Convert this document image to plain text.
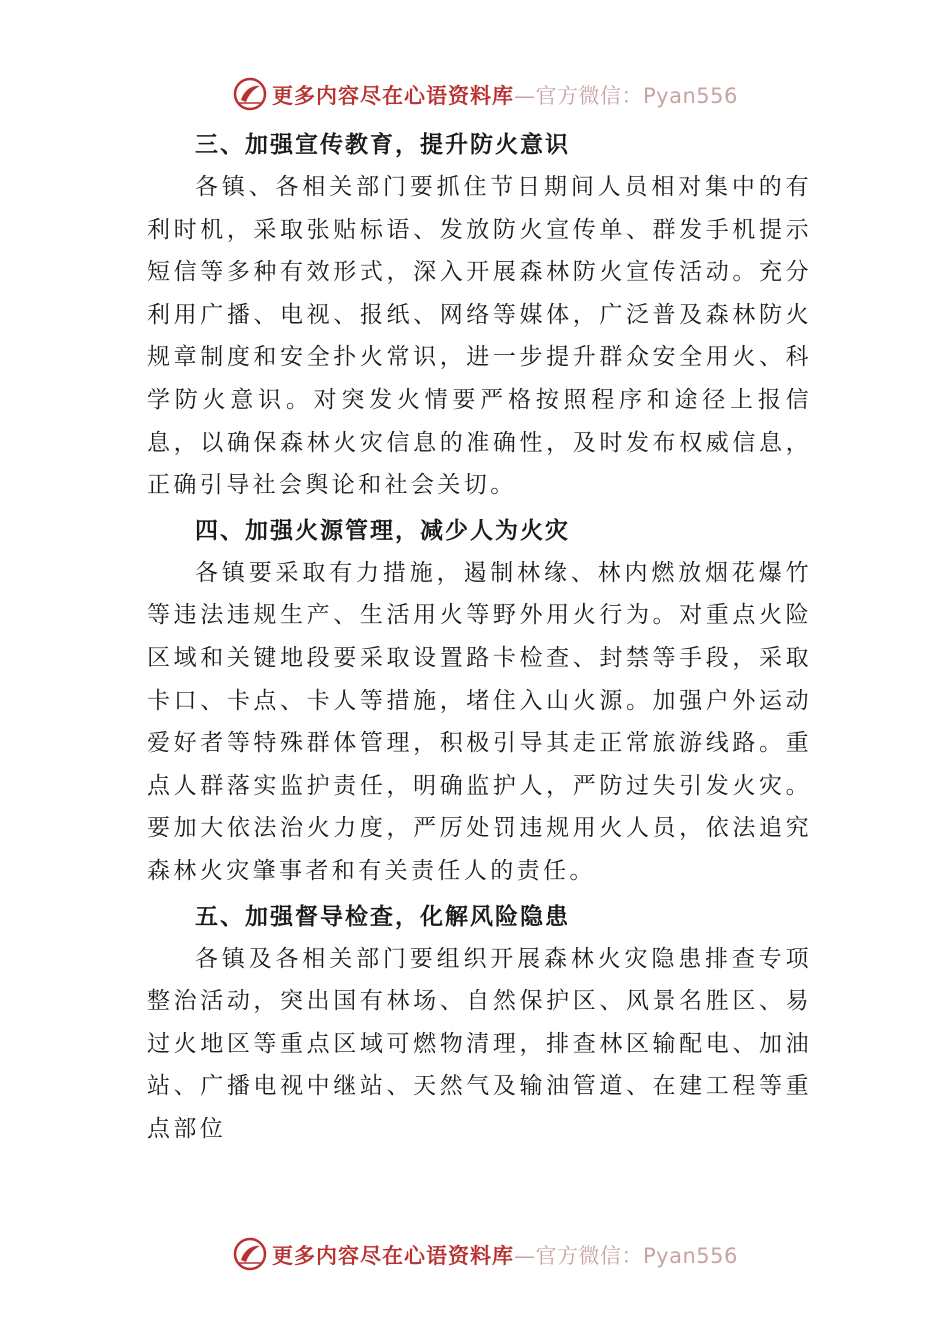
更多内容尽在心语资料库—官方微信：Pyan556

三、加强宣传教育，提升防火意识

各镇、各相关部门要抓住节日期间人员相对集中的有利时机，采取张贴标语、发放防火宣传单、群发手机提示短信等多种有效形式，深入开展森林防火宣传活动。充分利用广播、电视、报纸、网络等媒体，广泛普及森林防火规章制度和安全扑火常识，进一步提升群众安全用火、科学防火意识。对突发火情要严格按照程序和途径上报信息，以确保森林火灾信息的准确性，及时发布权威信息，正确引导社会舆论和社会关切。

四、加强火源管理，减少人为火灾

各镇要采取有力措施，遏制林缘、林内燃放烟花爆竹等违法违规生产、生活用火等野外用火行为。对重点火险区域和关键地段要采取设置路卡检查、封禁等手段，采取卡口、卡点、卡人等措施，堵住入山火源。加强户外运动爱好者等特殊群体管理，积极引导其走正常旅游线路。重点人群落实监护责任，明确监护人，严防过失引发火灾。要加大依法治火力度，严厉处罚违规用火人员，依法追究森林火灾肇事者和有关责任人的责任。

五、加强督导检查，化解风险隐患

各镇及各相关部门要组织开展森林火灾隐患排查专项整治活动，突出国有林场、自然保护区、风景名胜区、易过火地区等重点区域可燃物清理，排查林区输配电、加油站、广播电视中继站、天然气及输油管道、在建工程等重点部位

更多内容尽在心语资料库—官方微信：Pyan556
